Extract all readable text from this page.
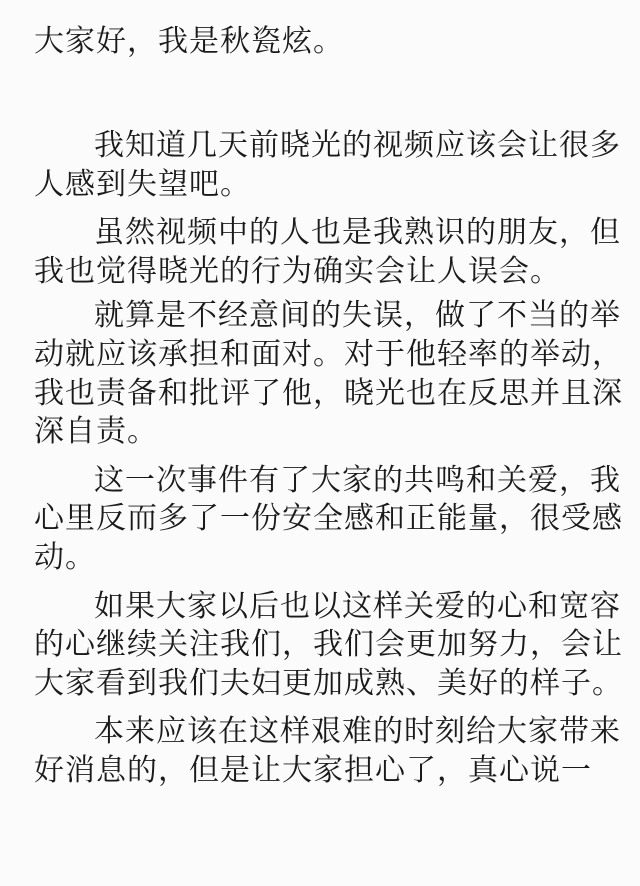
大家好，我是秋瓷炫。

我知道几天前晓光的视频应该会让很多人感到失望吧。

虽然视频中的人也是我熟识的朋友，但我也觉得晓光的行为确实会让人误会。

就算是不经意间的失误，做了不当的举动就应该承担和面对。对于他轻率的举动，我也责备和批评了他，晓光也在反思并且深深自责。

这一次事件有了大家的共鸣和关爱，我心里反而多了一份安全感和正能量，很受感动。

如果大家以后也以这样关爱的心和宽容的心继续关注我们，我们会更加努力，会让大家看到我们夫妇更加成熟、美好的样子。

本来应该在这样艰难的时刻给大家带来好消息的，但是让大家担心了，真心说一
